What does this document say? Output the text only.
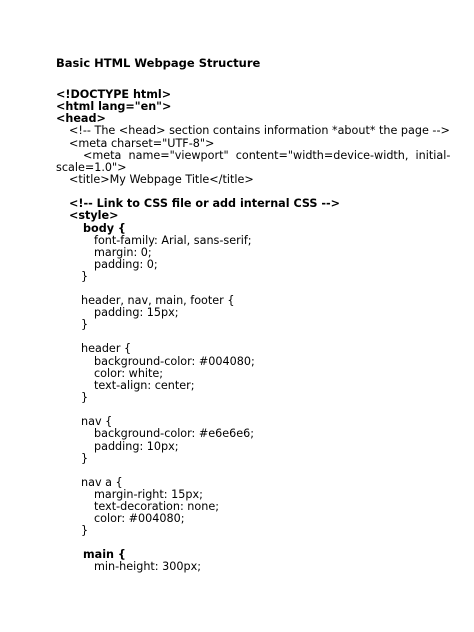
Basic HTML Webpage Structure
<!DOCTYPE html>
<html lang="en">
<head>
<!-- The <head> section contains information *about* the page -->
<meta charset="UTF-8">
<meta  name="viewport"  content="width=device-width,  initial-
scale=1.0">
<title>My Webpage Title</title>
<!-- Link to CSS file or add internal CSS -->
<style>
body {
font-family: Arial, sans-serif;
margin: 0;
padding: 0;
}
header, nav, main, footer {
padding: 15px;
}
header {
background-color: #004080;
color: white;
text-align: center;
}
nav {
background-color: #e6e6e6;
padding: 10px;
}
nav a {
margin-right: 15px;
text-decoration: none;
color: #004080;
}
main {
min-height: 300px;
